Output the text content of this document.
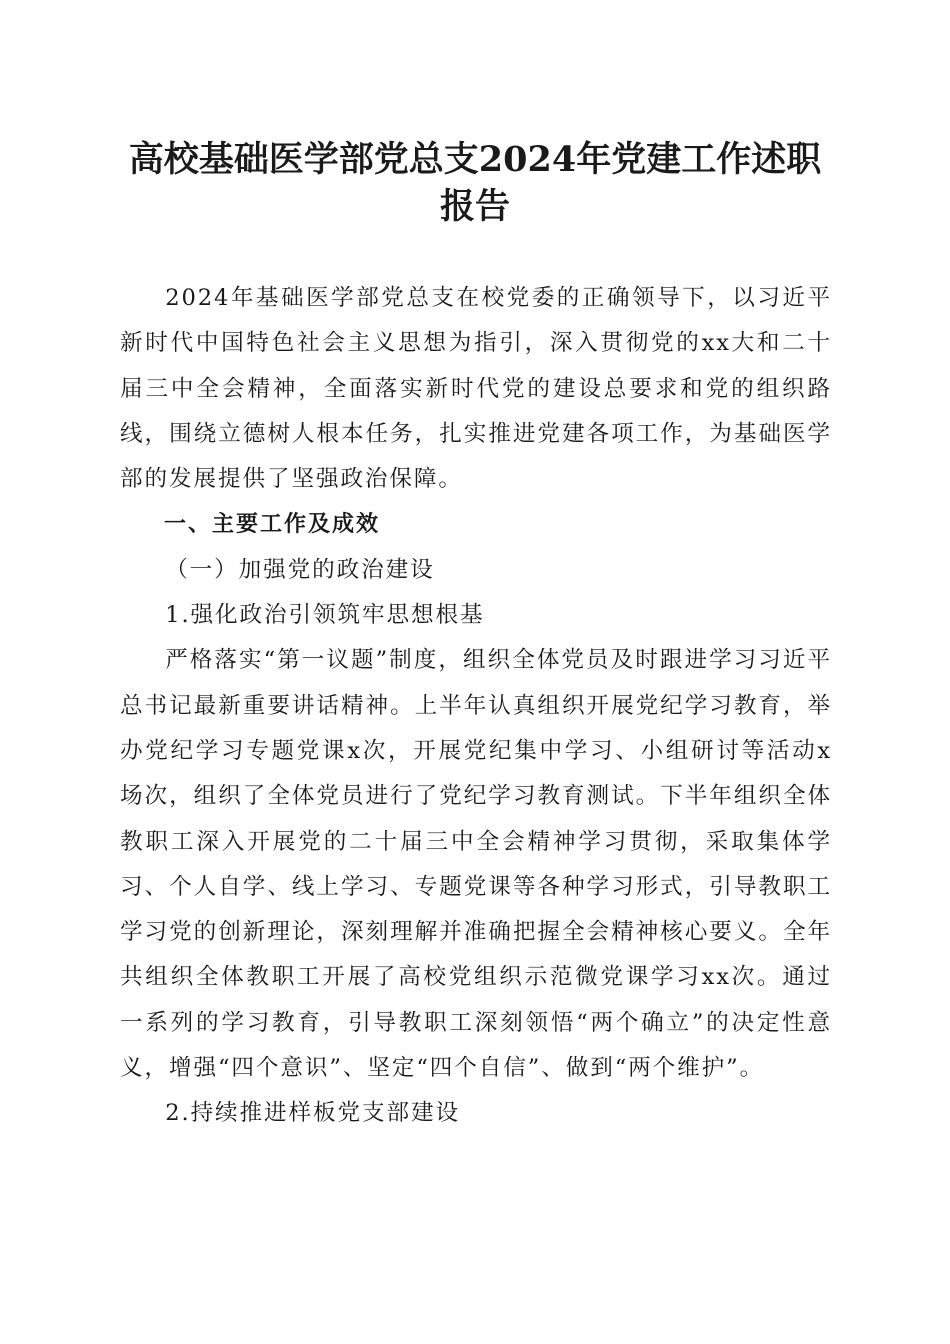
高校基础医学部党总支2024年党建工作述职
报告

2024年基础医学部党总支在校党委的正确领导下，以习近平新时代中国特色社会主义思想为指引，深入贯彻党的xx大和二十届三中全会精神，全面落实新时代党的建设总要求和党的组织路线，围绕立德树人根本任务，扎实推进党建各项工作，为基础医学部的发展提供了坚强政治保障。

一、主要工作及成效

（一）加强党的政治建设

1.强化政治引领筑牢思想根基

严格落实“第一议题”制度，组织全体党员及时跟进学习习近平总书记最新重要讲话精神。上半年认真组织开展党纪学习教育，举办党纪学习专题党课x次，开展党纪集中学习、小组研讨等活动x场次，组织了全体党员进行了党纪学习教育测试。下半年组织全体教职工深入开展党的二十届三中全会精神学习贯彻，采取集体学习、个人自学、线上学习、专题党课等各种学习形式，引导教职工学习党的创新理论，深刻理解并准确把握全会精神核心要义。全年共组织全体教职工开展了高校党组织示范微党课学习xx次。通过一系列的学习教育，引导教职工深刻领悟“两个确立”的决定性意义，增强“四个意识”、坚定“四个自信”、做到“两个维护”。

2.持续推进样板党支部建设
